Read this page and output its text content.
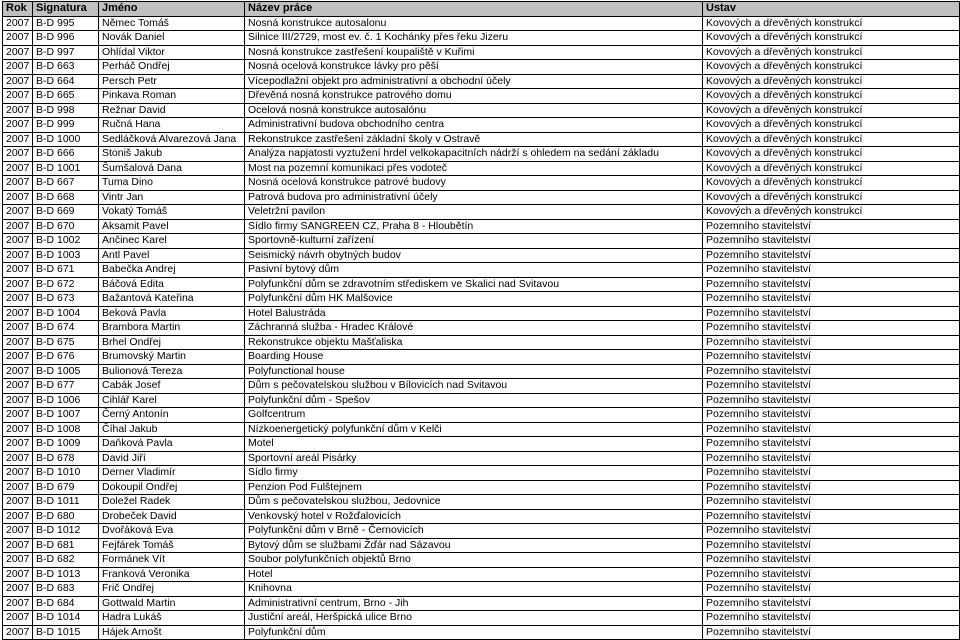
Rok	Signatura	Jméno	Název práce	Ústav
2007	B-D 995	Němec Tomáš	Nosná konstrukce autosalonu	Kovových a dřevěných konstrukcí
2007	B-D 996	Novák Daniel	Silnice III/2729, most ev. č. 1 Kochánky přes řeku Jizeru	Kovových a dřevěných konstrukcí
2007	B-D 997	Ohlídal Viktor	Nosná konstrukce zastřešení koupaliště v Kuřimi	Kovových a dřevěných konstrukcí
2007	B-D 663	Perháč Ondřej	Nosná ocelová konstrukce lávky pro pěší	Kovových a dřevěných konstrukcí
2007	B-D 664	Persch Petr	Vícepodlažní objekt pro administrativní a obchodní účely	Kovových a dřevěných konstrukcí
2007	B-D 665	Pinkava Roman	Dřevěná nosná konstrukce patrového domu	Kovových a dřevěných konstrukcí
2007	B-D 998	Režnar David	Ocelová nosná konstrukce autosalónu	Kovových a dřevěných konstrukcí
2007	B-D 999	Ručná Hana	Administrativní budova obchodního centra	Kovových a dřevěných konstrukcí
2007	B-D 1000	Sedláčková Alvarezová Jana	Rekonstrukce zastřešení základní školy v Ostravě	Kovových a dřevěných konstrukcí
2007	B-D 666	Stoniš Jakub	Analýza napjatosti vyztužení hrdel velkokapacitních nádrží s ohledem na sedání základu	Kovových a dřevěných konstrukcí
2007	B-D 1001	Šumšalová Dana	Most na pozemní komunikaci přes vodoteč	Kovových a dřevěných konstrukcí
2007	B-D 667	Tuma Dino	Nosná ocelová konstrukce patrové budovy	Kovových a dřevěných konstrukcí
2007	B-D 668	Vintr Jan	Patrová budova pro administrativní účely	Kovových a dřevěných konstrukcí
2007	B-D 669	Vokatý Tomáš	Veletržní pavilon	Kovových a dřevěných konstrukcí
2007	B-D 670	Aksamit Pavel	Sídlo firmy SANGREEN CZ, Praha 8 - Hloubětín	Pozemního stavitelství
2007	B-D 1002	Ančinec Karel	Sportovně-kulturní zařízení	Pozemního stavitelství
2007	B-D 1003	Antl Pavel	Seismický návrh obytných budov	Pozemního stavitelství
2007	B-D 671	Babečka Andrej	Pasivní bytový dům	Pozemního stavitelství
2007	B-D 672	Báčová Edita	Polyfunkční dům se zdravotním střediskem ve Skalici nad Svitavou	Pozemního stavitelství
2007	B-D 673	Bažantová Kateřina	Polyfunkční dům HK Malšovice	Pozemního stavitelství
2007	B-D 1004	Beková Pavla	Hotel Balustráda	Pozemního stavitelství
2007	B-D 674	Brambora Martin	Záchranná služba - Hradec Králové	Pozemního stavitelství
2007	B-D 675	Brhel Ondřej	Rekonstrukce objektu Mašťaliska	Pozemního stavitelství
2007	B-D 676	Brumovský Martin	Boarding House	Pozemního stavitelství
2007	B-D 1005	Bulionová Tereza	Polyfunctional house	Pozemního stavitelství
2007	B-D 677	Cabák Josef	Dům s pečovatelskou službou v Bílovicích nad Svitavou	Pozemního stavitelství
2007	B-D 1006	Cihlář Karel	Polyfunkční dům - Spešov	Pozemního stavitelství
2007	B-D 1007	Černý Antonín	Golfcentrum	Pozemního stavitelství
2007	B-D 1008	Číhal Jakub	Nízkoenergetický polyfunkční dům v Kelči	Pozemního stavitelství
2007	B-D 1009	Daňková Pavla	Motel	Pozemního stavitelství
2007	B-D 678	David Jiří	Sportovní areál Pisárky	Pozemního stavitelství
2007	B-D 1010	Derner Vladimír	Sídlo firmy	Pozemního stavitelství
2007	B-D 679	Dokoupil Ondřej	Penzion Pod Fulštejnem	Pozemního stavitelství
2007	B-D 1011	Doležel Radek	Dům s pečovatelskou službou, Jedovnice	Pozemního stavitelství
2007	B-D 680	Drobeček David	Venkovský hotel v Rožďalovicích	Pozemního stavitelství
2007	B-D 1012	Dvořáková Eva	Polyfunkční dům v Brně - Černovicích	Pozemního stavitelství
2007	B-D 681	Fejfárek Tomáš	Bytový dům se službami Žďár nad Sázavou	Pozemního stavitelství
2007	B-D 682	Formánek Vít	Soubor polyfunkčních objektů Brno	Pozemního stavitelství
2007	B-D 1013	Franková Veronika	Hotel	Pozemního stavitelství
2007	B-D 683	Frič Ondřej	Knihovna	Pozemního stavitelství
2007	B-D 684	Gottwald Martin	Administrativní centrum, Brno - Jih	Pozemního stavitelství
2007	B-D 1014	Hadra Lukáš	Justiční areál, Heršpická ulice Brno	Pozemního stavitelství
2007	B-D 1015	Hájek Arnošt	Polyfunkční dům	Pozemního stavitelství
